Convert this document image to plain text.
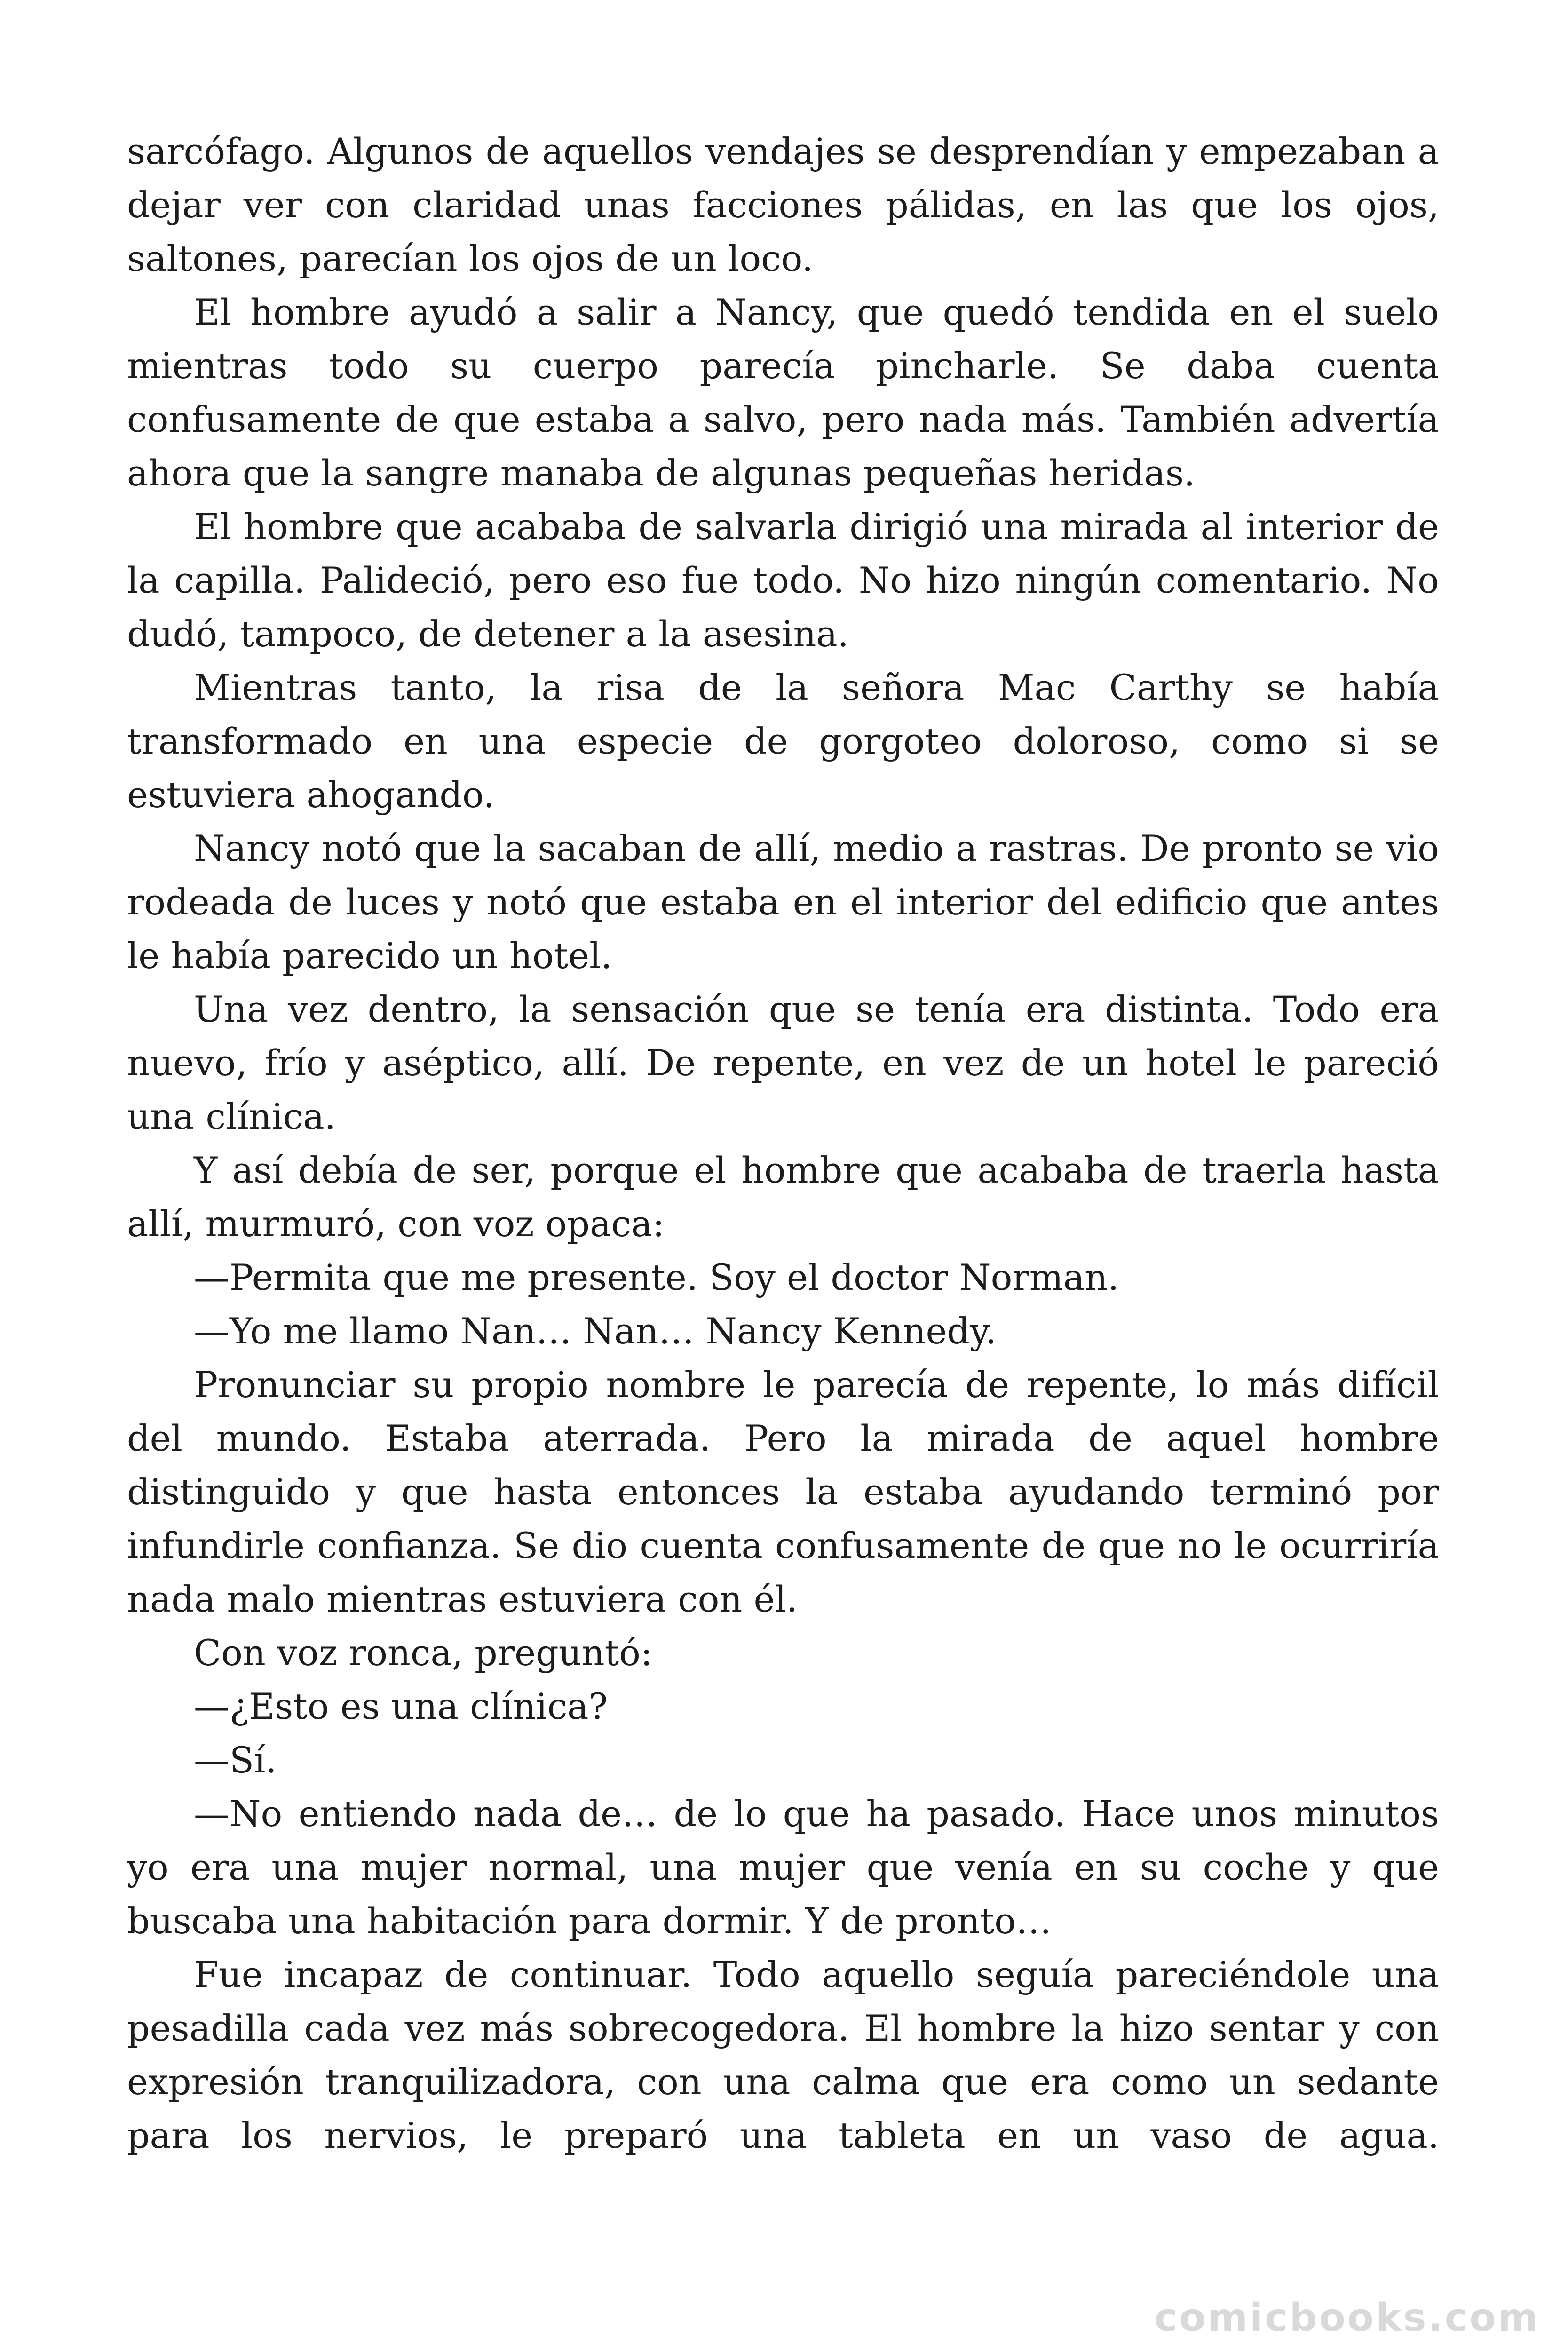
sarcófago. Algunos de aquellos vendajes se desprendían y empezaban a dejar ver con claridad unas facciones pálidas, en las que los ojos, saltones, parecían los ojos de un loco.

El hombre ayudó a salir a Nancy, que quedó tendida en el suelo mientras todo su cuerpo parecía pincharle. Se daba cuenta confusamente de que estaba a salvo, pero nada más. También advertía ahora que la sangre manaba de algunas pequeñas heridas.

El hombre que acababa de salvarla dirigió una mirada al interior de la capilla. Palideció, pero eso fue todo. No hizo ningún comentario. No dudó, tampoco, de detener a la asesina.

Mientras tanto, la risa de la señora Mac Carthy se había transformado en una especie de gorgoteo doloroso, como si se estuviera ahogando.

Nancy notó que la sacaban de allí, medio a rastras. De pronto se vio rodeada de luces y notó que estaba en el interior del edificio que antes le había parecido un hotel.

Una vez dentro, la sensación que se tenía era distinta. Todo era nuevo, frío y aséptico, allí. De repente, en vez de un hotel le pareció una clínica.

Y así debía de ser, porque el hombre que acababa de traerla hasta allí, murmuró, con voz opaca:

—Permita que me presente. Soy el doctor Norman.

—Yo me llamo Nan… Nan… Nancy Kennedy.

Pronunciar su propio nombre le parecía de repente, lo más difícil del mundo. Estaba aterrada. Pero la mirada de aquel hombre distinguido y que hasta entonces la estaba ayudando terminó por infundirle confianza. Se dio cuenta confusamente de que no le ocurriría nada malo mientras estuviera con él.

Con voz ronca, preguntó:

—¿Esto es una clínica?

—Sí.

—No entiendo nada de… de lo que ha pasado. Hace unos minutos yo era una mujer normal, una mujer que venía en su coche y que buscaba una habitación para dormir. Y de pronto…

Fue incapaz de continuar. Todo aquello seguía pareciéndole una pesadilla cada vez más sobrecogedora. El hombre la hizo sentar y con expresión tranquilizadora, con una calma que era como un sedante para los nervios, le preparó una tableta en un vaso de agua.

comicbooks.com
